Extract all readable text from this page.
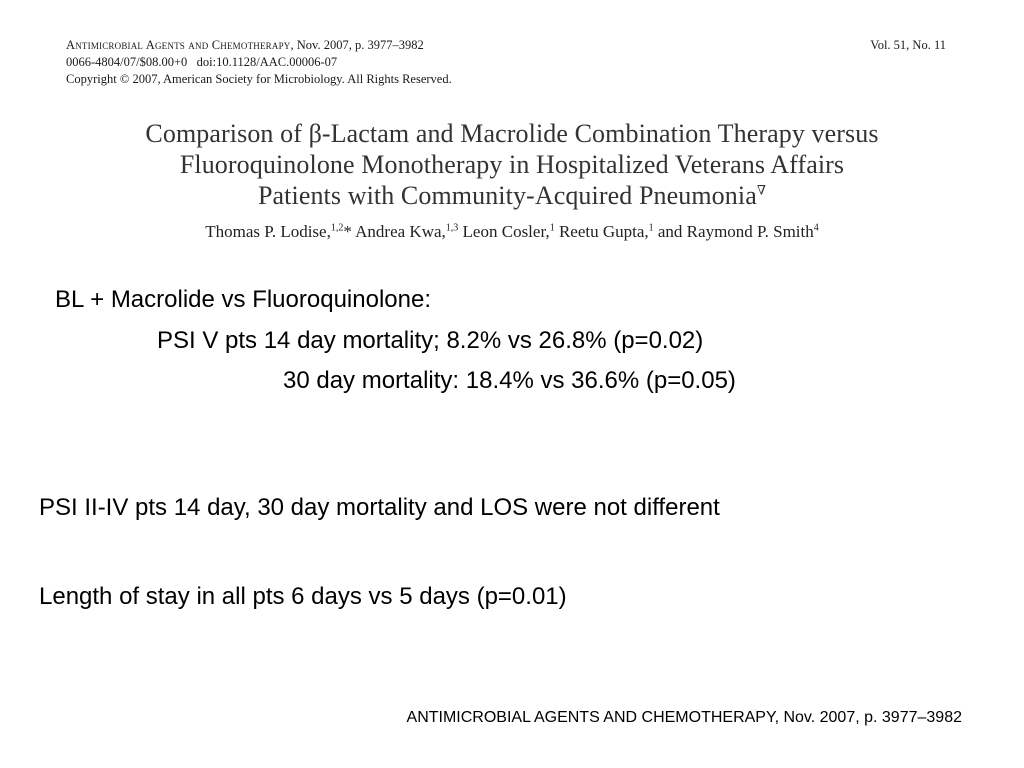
Antimicrobial Agents and Chemotherapy, Nov. 2007, p. 3977–3982
0066-4804/07/$08.00+0 doi:10.1128/AAC.00006-07
Copyright © 2007, American Society for Microbiology. All Rights Reserved.
Vol. 51, No. 11
Comparison of β-Lactam and Macrolide Combination Therapy versus
Fluoroquinolone Monotherapy in Hospitalized Veterans Affairs
Patients with Community-Acquired Pneumonia∇
Thomas P. Lodise,$^{1,2}$* Andrea Kwa,$^{1,3}$ Leon Cosler,$^1$ Reetu Gupta,$^1$ and Raymond P. Smith$^4$
BL + Macrolide vs Fluoroquinolone:
PSI V pts 14 day mortality; 8.2% vs 26.8% (p=0.02)
30 day mortality: 18.4% vs 36.6% (p=0.05)
PSI II-IV pts 14 day, 30 day mortality and LOS were not different
Length of stay in all pts 6 days vs 5 days (p=0.01)
ANTIMICROBIAL AGENTS AND CHEMOTHERAPY, Nov. 2007, p. 3977–3982
